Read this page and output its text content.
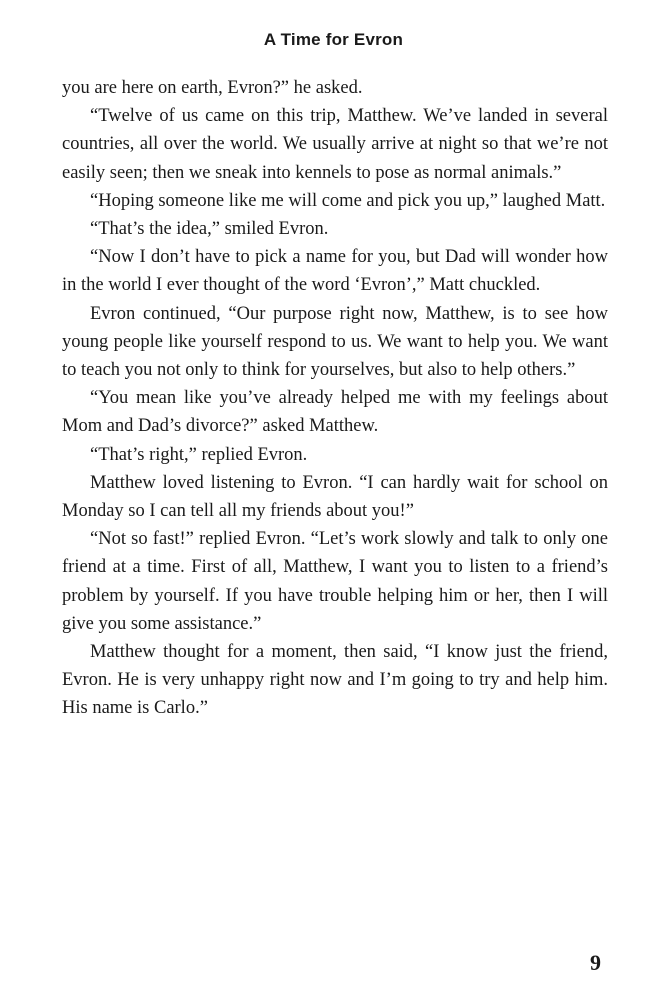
A Time for Evron

you are here on earth, Evron?” he asked.

“Twelve of us came on this trip, Matthew. We’ve landed in several countries, all over the world. We usually arrive at night so that we’re not easily seen; then we sneak into kennels to pose as normal animals.”

“Hoping someone like me will come and pick you up,” laughed Matt.

“That’s the idea,” smiled Evron.

“Now I don’t have to pick a name for you, but Dad will wonder how in the world I ever thought of the word ‘Evron’,” Matt chuckled.

Evron continued, “Our purpose right now, Matthew, is to see how young people like yourself respond to us. We want to help you. We want to teach you not only to think for yourselves, but also to help others.”

“You mean like you’ve already helped me with my feelings about Mom and Dad’s divorce?” asked Matthew.

“That’s right,” replied Evron.

Matthew loved listening to Evron. “I can hardly wait for school on Monday so I can tell all my friends about you!”

“Not so fast!” replied Evron. “Let’s work slowly and talk to only one friend at a time. First of all, Matthew, I want you to listen to a friend’s problem by yourself. If you have trouble helping him or her, then I will give you some assistance.”

Matthew thought for a moment, then said, “I know just the friend, Evron. He is very unhappy right now and I’m going to try and help him. His name is Carlo.”

9
